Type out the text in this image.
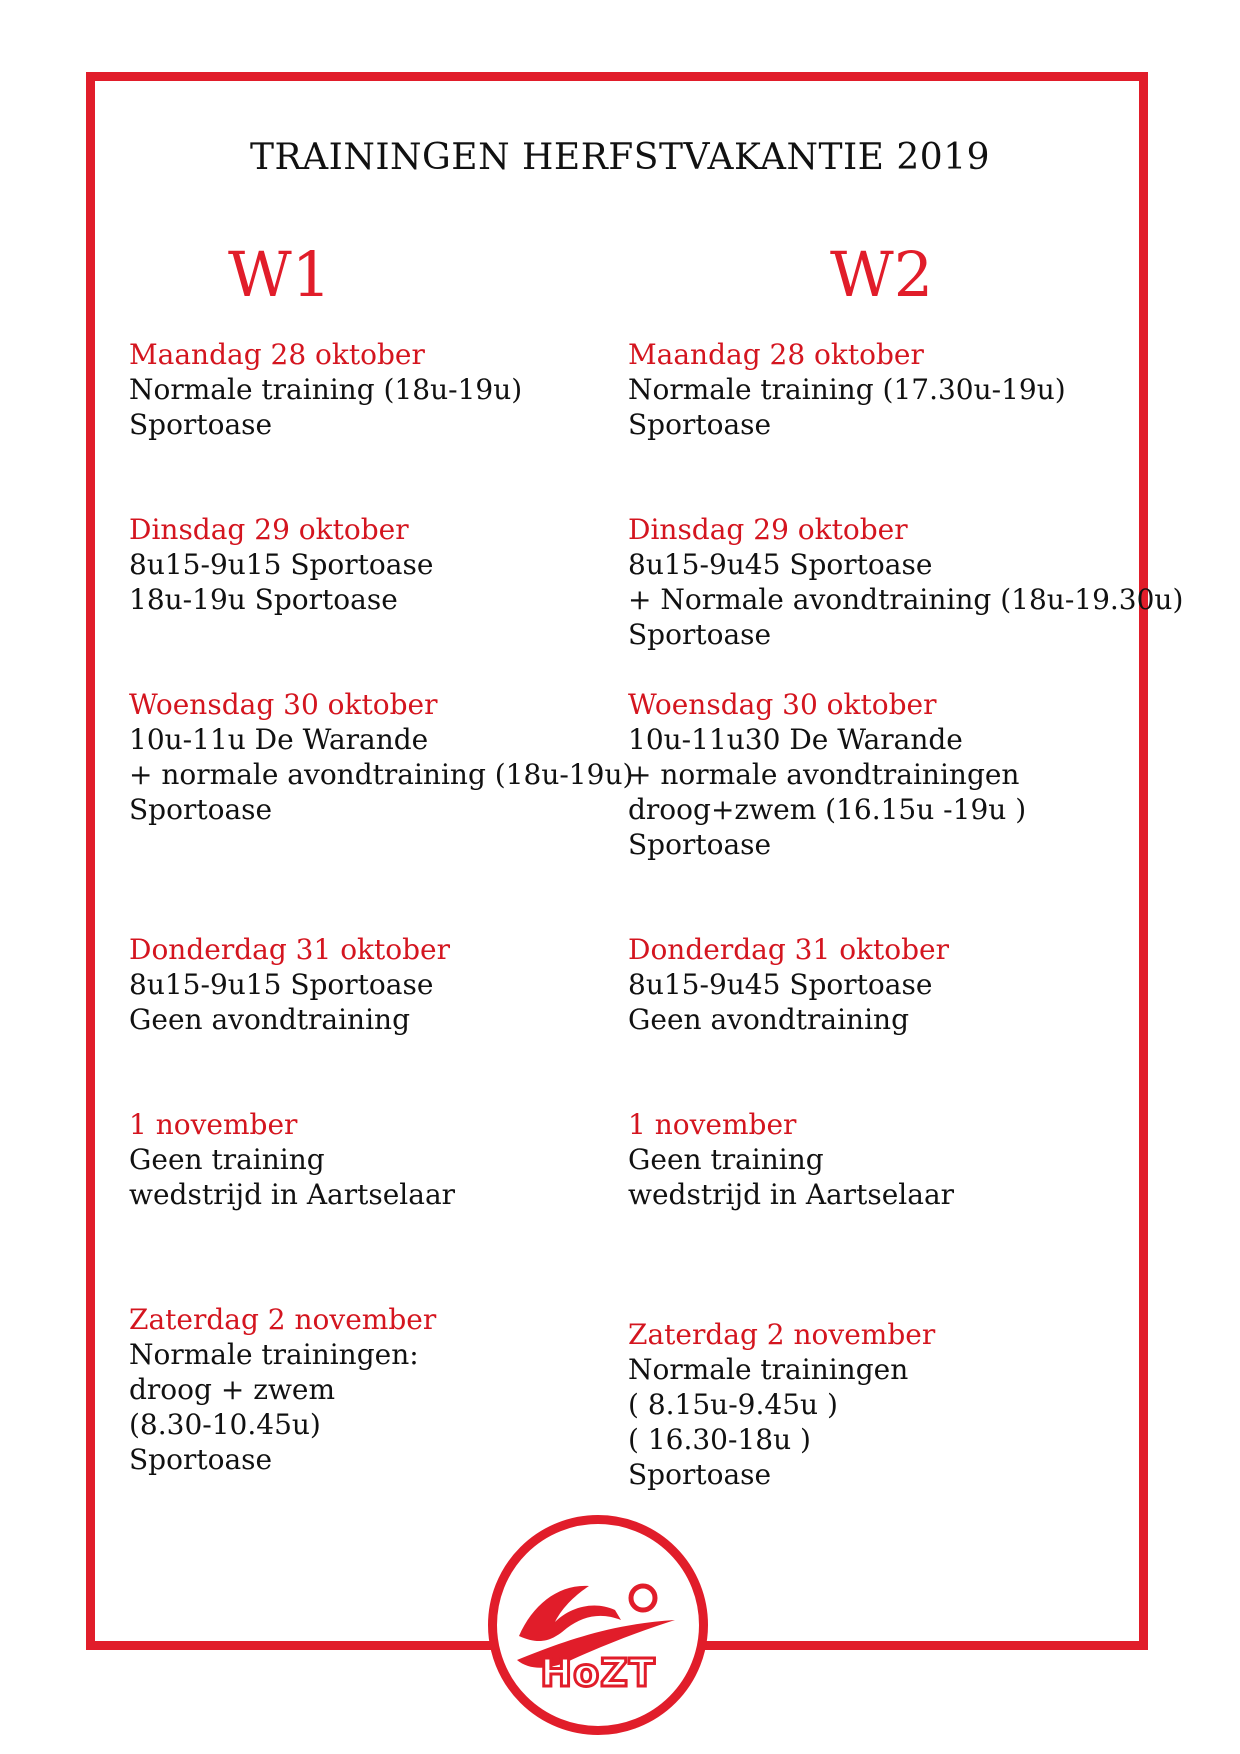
TRAININGEN HERFSTVAKANTIE 2019
W1	W2
Maandag 28 oktober
Normale training (18u-19u)
Sportoase
Dinsdag 29 oktober
8u15-9u15 Sportoase
18u-19u Sportoase
Woensdag 30 oktober
10u-11u De Warande
+ normale avondtraining (18u-19u)
Sportoase
Donderdag 31 oktober
8u15-9u15 Sportoase
Geen avondtraining
1 november
Geen training
wedstrijd in Aartselaar
Zaterdag 2 november
Normale trainingen:
droog + zwem
(8.30-10.45u)
Sportoase
Maandag 28 oktober
Normale training (17.30u-19u)
Sportoase
Dinsdag 29 oktober
8u15-9u45 Sportoase
+ Normale avondtraining (18u-19.30u)
Sportoase
Woensdag 30 oktober
10u-11u30 De Warande
+ normale avondtrainingen
droog+zwem (16.15u -19u )
Sportoase
Donderdag 31 oktober
8u15-9u45 Sportoase
Geen avondtraining
1 november
Geen training
wedstrijd in Aartselaar
Zaterdag 2 november
Normale trainingen
( 8.15u-9.45u )
( 16.30-18u )
Sportoase
HoZT
